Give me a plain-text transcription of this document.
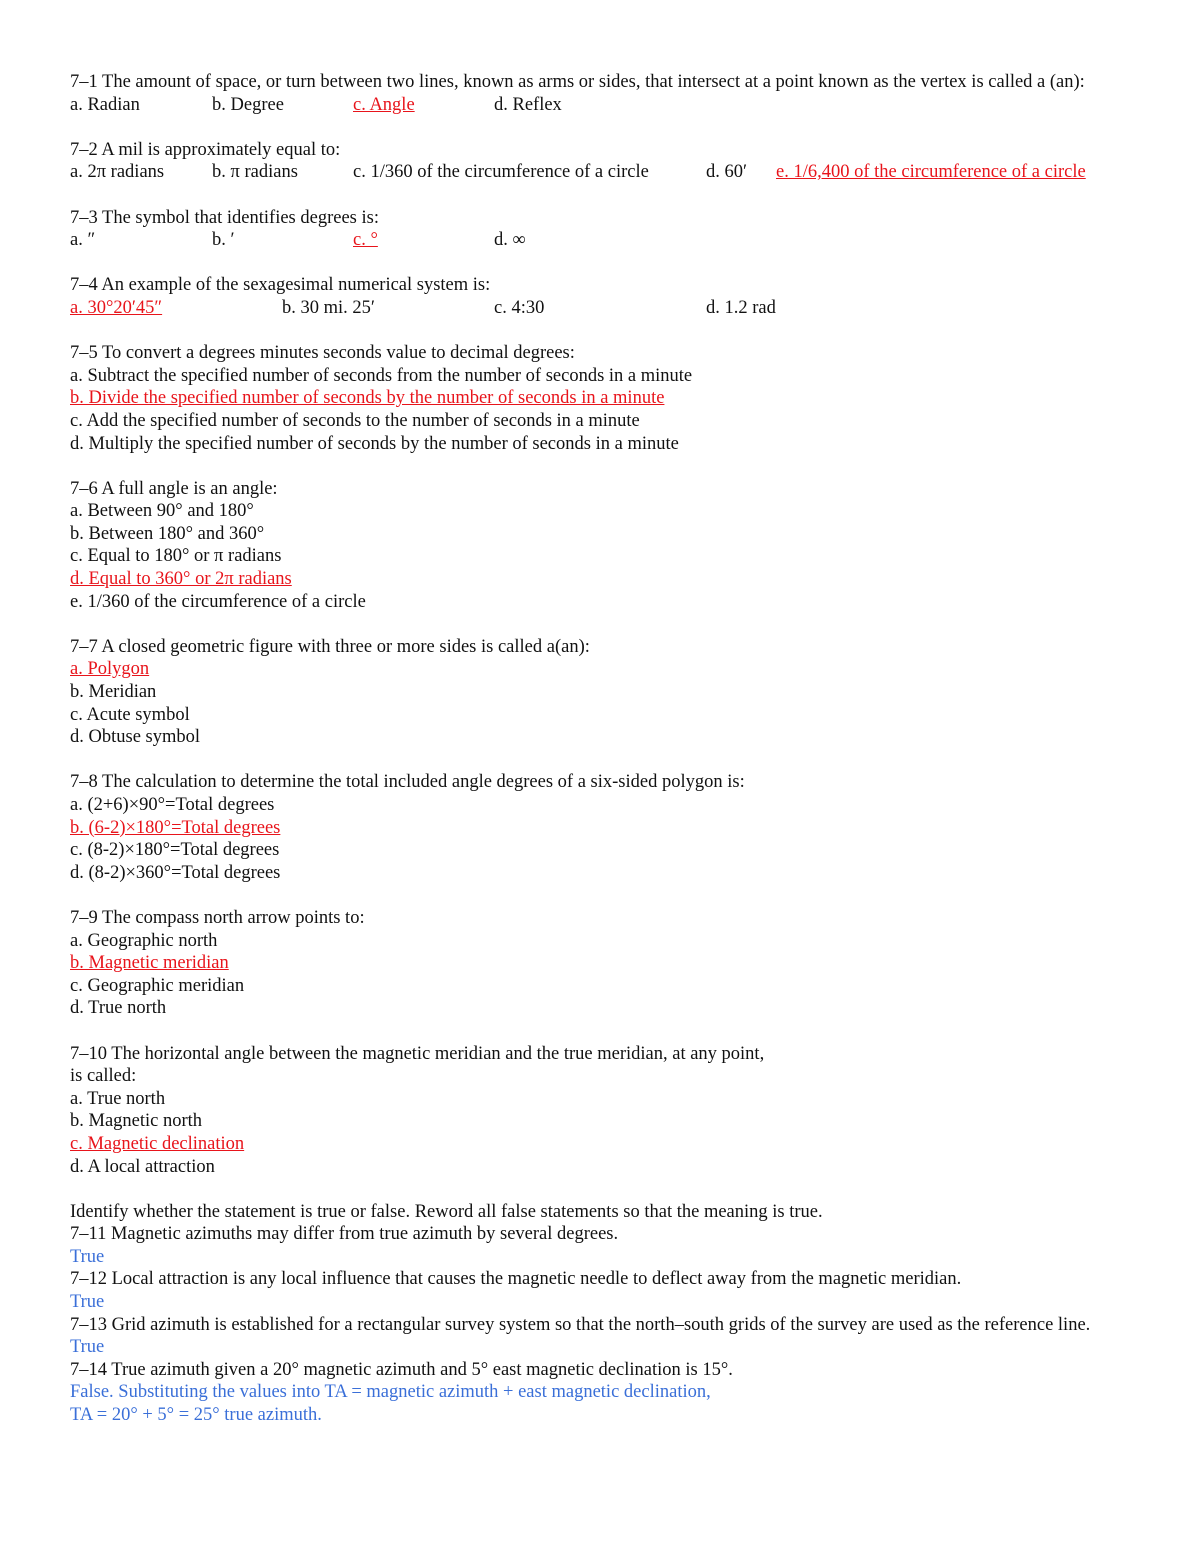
7–1 The amount of space, or turn between two lines, known as arms or sides, that intersect at a point known as the vertex is called a (an):
a. Radian	b. Degree	c. Angle	d. Reflex
7–2 A mil is approximately equal to:
a. 2π radians	b. π radians	c. 1/360 of the circumference of a circle	d. 60′ e. 1/6,400 of the circumference of a circle
7–3 The symbol that identifies degrees is:
a. ″	b. ′	c. °	d. ∞
7–4 An example of the sexagesimal numerical system is:
a. 30°20′45″	b. 30 mi. 25′	c. 4:30	d. 1.2 rad
7–5 To convert a degrees minutes seconds value to decimal degrees:
a. Subtract the specified number of seconds from the number of seconds in a minute
b. Divide the specified number of seconds by the number of seconds in a minute
c. Add the specified number of seconds to the number of seconds in a minute
d. Multiply the specified number of seconds by the number of seconds in a minute
7–6 A full angle is an angle:
a. Between 90° and 180°
b. Between 180° and 360°
c. Equal to 180° or π radians
d. Equal to 360° or 2π radians
e. 1/360 of the circumference of a circle
7–7 A closed geometric figure with three or more sides is called a(an):
a. Polygon
b. Meridian
c. Acute symbol
d. Obtuse symbol
7–8 The calculation to determine the total included angle degrees of a six-sided polygon is:
a. (2+6)×90°=Total degrees
b. (6-2)×180°=Total degrees
c. (8-2)×180°=Total degrees
d. (8-2)×360°=Total degrees
7–9 The compass north arrow points to:
a. Geographic north
b. Magnetic meridian
c. Geographic meridian
d. True north
7–10 The horizontal angle between the magnetic meridian and the true meridian, at any point,
is called:
a. True north
b. Magnetic north
c. Magnetic declination
d. A local attraction
Identify whether the statement is true or false. Reword all false statements so that the meaning is true.
7–11 Magnetic azimuths may differ from true azimuth by several degrees.
True
7–12 Local attraction is any local influence that causes the magnetic needle to deflect away from the magnetic meridian.
True
7–13 Grid azimuth is established for a rectangular survey system so that the north–south grids of the survey are used as the reference line.
True
7–14 True azimuth given a 20° magnetic azimuth and 5° east magnetic declination is 15°.
False. Substituting the values into TA = magnetic azimuth + east magnetic declination,
TA = 20° + 5° = 25° true azimuth.
